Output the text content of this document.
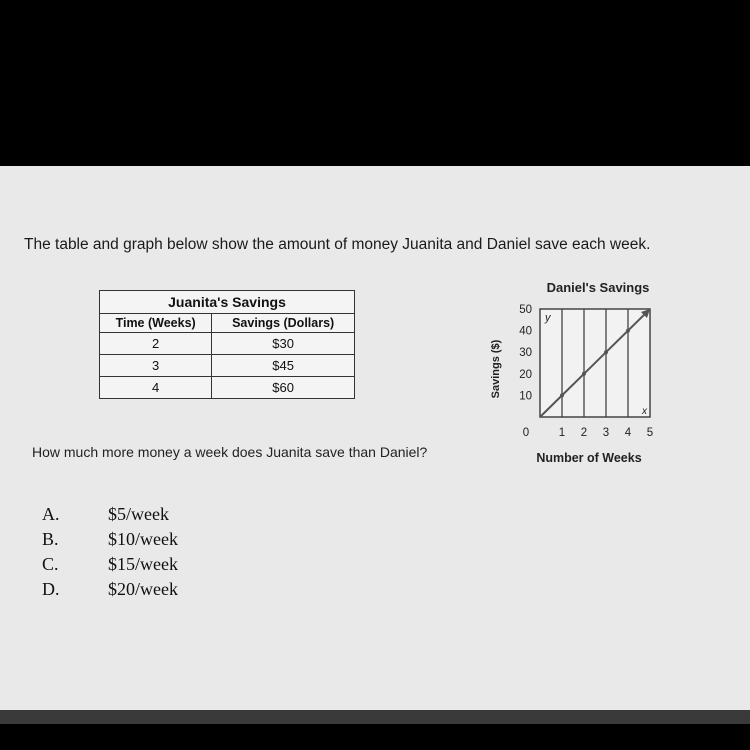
The table and graph below show the amount of money Juanita and Daniel save each week.
Juanita's Savings	
Time (Weeks)	Savings (Dollars)
2	$30
3	$45
4	$60
Daniel's Savings
y
x
10
20
30
40
50
1 2 3 4 5
0
Savings ($)
Number of Weeks
How much more money a week does Juanita save than Daniel?
A.	$5/week
B.	$10/week
C.	$15/week
D.	$20/week
